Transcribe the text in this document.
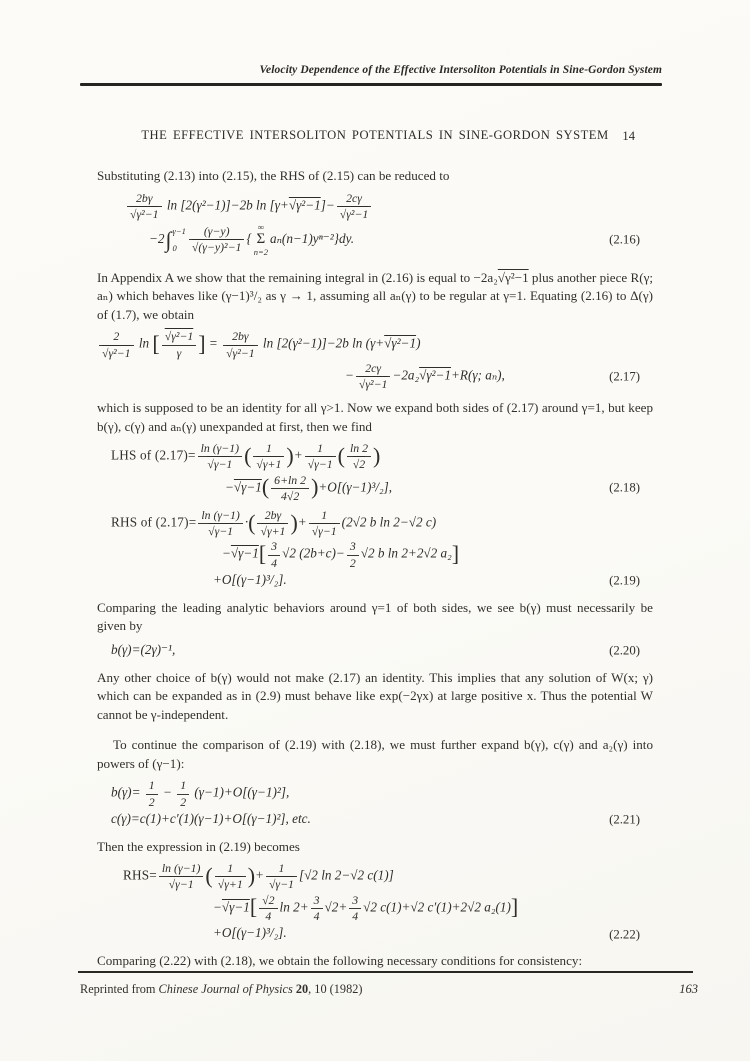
Velocity Dependence of the Effective Intersoliton Potentials in Sine-Gordon System
THE EFFECTIVE INTERSOLITON POTENTIALS IN SINE-GORDON SYSTEM 14

Substituting (2.13) into (2.15), the RHS of (2.15) can be reduced to

$\frac{2b\gamma}{\text{√γ²−1}}$ ln [2(γ²−1)]−2b $\ln [\gamma+√\gamma^2-1]- \frac{2c\gamma}{\text{√γ²−1}}$
−2 ∫ γ−1
0	$\frac{(\gamma-y)}{\text{√(γ−y)²−1}}$ {
∞
Σ
n=2
aₙ(n−1)yⁿ⁻²}dy.	(2.16)

In Appendix A we show that the remaining integral in (2.16) is equal to −2a₂√γ²−1 plus another piece R(γ; aₙ) which behaves like (γ−1)³/₂ as γ → 1, assuming all aₙ(γ) to be regular at γ=1. Equating (2.16) to Δ(γ) of (1.7), we obtain

$\frac{2}{\text{√γ²−1}}$ ln [ $\frac{\text{√γ²−1}}{\gamma}$ ] = $\frac{2b\gamma}{\text{√γ²−1}}$ ln [2(γ²−1)]−2b ln (γ+√γ²−1)
− $\frac{2c\gamma}{\text{√γ²−1}} -2a_2√\gamma^2-1+R(\gamma$; aₙ),	(2.17)

which is supposed to be an identity for all γ>1. Now we expand both sides of (2.17) around γ=1, but keep b(γ), c(γ) and aₙ(γ) unexpanded at first, then we find

LHS of $(2.17)= \frac{\ln (\gamma-1)}{√\gamma-1}$ ( $\frac{1}{√\gamma+1}$ )+ $\frac{1}{√\gamma-1}$ ( $\frac{\ln 2}{√2}$ )
$-√\gamma-1( \frac{6+\ln 2}{4√2} )+O[(\gamma-1)^3/_2]$,	(2.18)
RHS of $(2.17)= \frac{\ln (\gamma-1)}{√\gamma-1}$ ·( $\frac{2b\gamma}{√\gamma+1}$ )+ $\frac{1}{√\gamma-1} (2√2$ b ln 2−√2 c)
$-√\gamma-1[ \frac{3}{4} √2$ $(2b+c)- \frac{3}{2} √2$ b ln 2+2√2 a₂]
+O[(γ−1)³/₂].	(2.19)

Comparing the leading analytic behaviors around γ=1 of both sides, we see b(γ) must necessarily be given by

b(γ)=(2γ)⁻¹,	(2.20)

Any other choice of b(γ) would not make (2.17) an identity. This implies that any solution of W(x; γ) which can be expanded as in (2.9) must behave like exp(−2γx) at large positive x. Thus the potential W cannot be γ-independent.

To continue the comparison of (2.19) with (2.18), we must further expand b(γ), c(γ) and a₂(γ) into powers of (γ−1):

$b(\gamma)= \frac{1}{2} - \frac{1}{2} (\gamma-1)+O[(\gamma-1)^2]$,
c(γ)=c(1)+c′(1)(γ−1)+O[(γ−1)²], etc.	(2.21)

Then the expression in (2.19) becomes

$RHS= \frac{\ln (\gamma-1)}{√\gamma-1}$ ( $\frac{1}{√\gamma+1}$ )+ $\frac{1}{√\gamma-1} [√2$ ln 2−√2 c(1)]
$-√\gamma-1[ \frac{√2}{4}$ $\ln 2+ \frac{3}{4} √2+ \frac{3}{4} √2$ c(1)+√2 c′(1)+2√2 a₂(1)]
+O[(γ−1)³/₂].	(2.22)

Comparing (2.22) with (2.18), we obtain the following necessary conditions for consistency:

Reprinted from Chinese Journal of Physics 20, 10 (1982)	163
